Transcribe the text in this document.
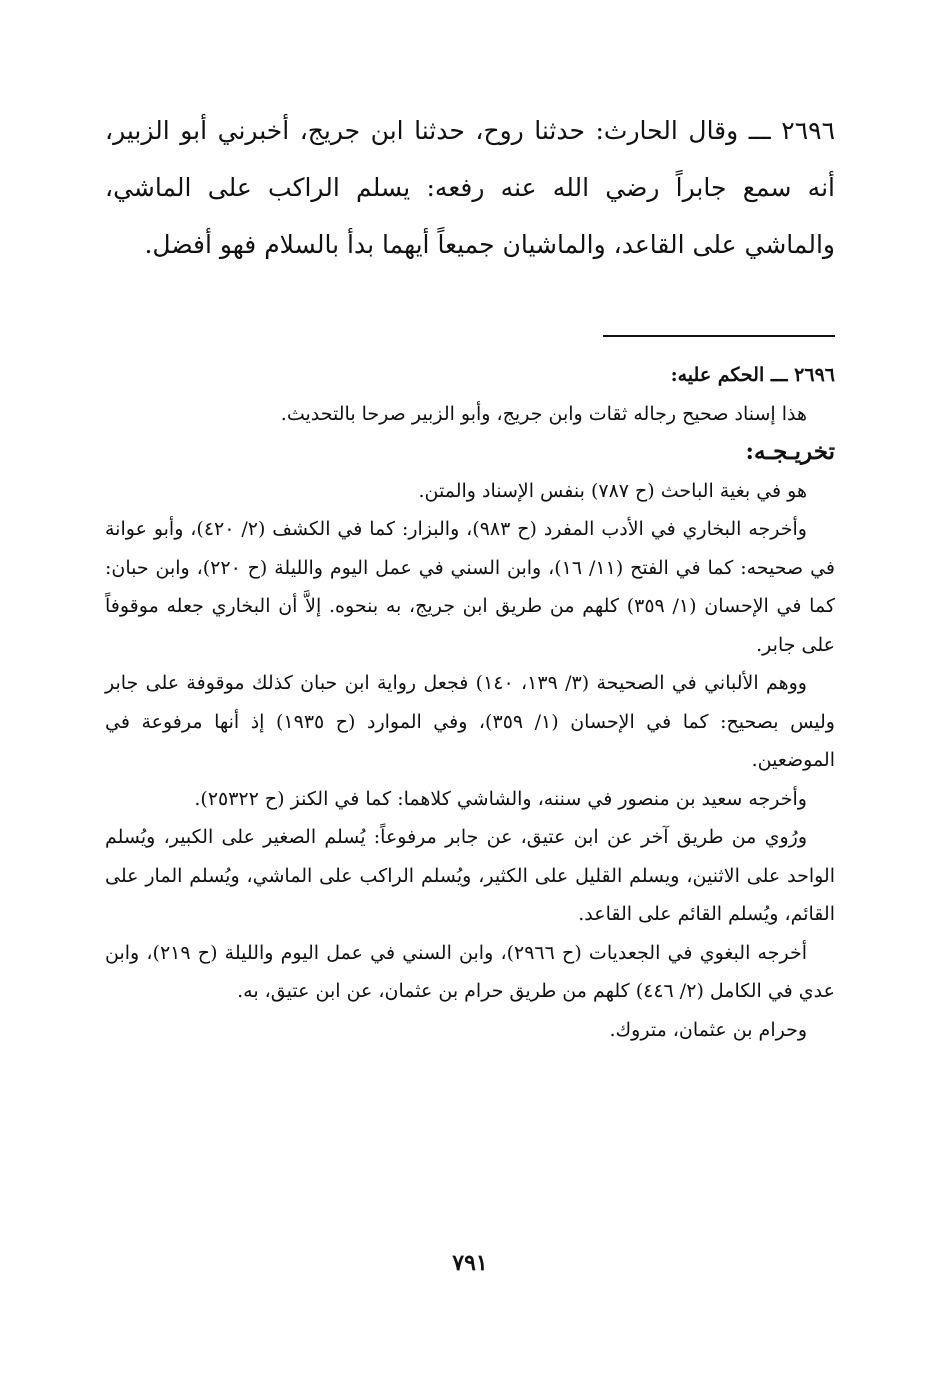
٢٦٩٦ ـــ وقال الحارث: حدثنا روح، حدثنا ابن جريج، أخبرني أبو الزبير، أنه سمع جابراً رضي الله عنه رفعه: يسلم الراكب على الماشي، والماشي على القاعد، والماشيان جميعاً أيهما بدأ بالسلام فهو أفضل.

٢٦٩٦ ـــ الحكم عليه:

هذا إسناد صحيح رجاله ثقات وابن جريج، وأبو الزبير صرحا بالتحديث.

تخريـجـه:

هو في بغية الباحث (ح ٧٨٧) بنفس الإسناد والمتن.

وأخرجه البخاري في الأدب المفرد (ح ٩٨٣)، والبزار: كما في الكشف (٢/ ٤٢٠)، وأبو عوانة في صحيحه: كما في الفتح (١١/ ١٦)، وابن السني في عمل اليوم والليلة (ح ٢٢٠)، وابن حبان: كما في الإحسان (١/ ٣٥٩) كلهم من طريق ابن جريج، به بنحوه. إلاَّ أن البخاري جعله موقوفاً على جابر.

ووهم الألباني في الصحيحة (٣/ ١٣٩، ١٤٠) فجعل رواية ابن حبان كذلك موقوفة على جابر وليس بصحيح: كما في الإحسان (١/ ٣٥٩)، وفي الموارد (ح ١٩٣٥) إذ أنها مرفوعة في الموضعين.

وأخرجه سعيد بن منصور في سننه، والشاشي كلاهما: كما في الكنز (ح ٢٥٣٢٢).

ورُوي من طريق آخر عن ابن عتيق، عن جابر مرفوعاً: يُسلم الصغير على الكبير، ويُسلم الواحد على الاثنين، ويسلم القليل على الكثير، ويُسلم الراكب على الماشي، ويُسلم المار على القائم، ويُسلم القائم على القاعد.

أخرجه البغوي في الجعديات (ح ٢٩٦٦)، وابن السني في عمل اليوم والليلة (ح ٢١٩)، وابن عدي في الكامل (٢/ ٤٤٦) كلهم من طريق حرام بن عثمان، عن ابن عتيق، به.

وحرام بن عثمان، متروك.

٧٩١
